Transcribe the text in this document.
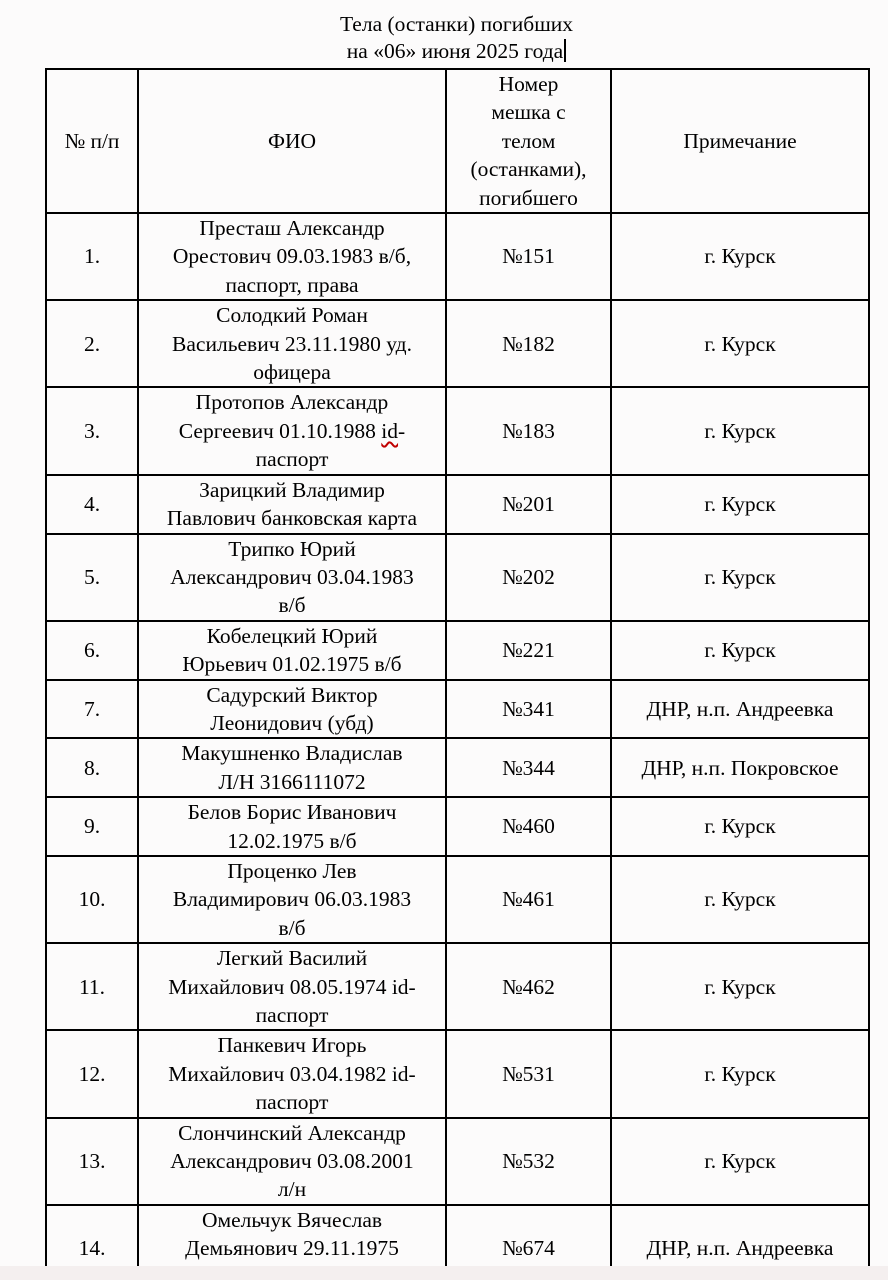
Тела (останки) погибших
на «06» июня 2025 года
№ п/п	ФИО	Номер
мешка с
телом
(останками),
погибшего	Примечание
1.	Престаш Александр
Орестович 09.03.1983 в/б,
паспорт, права	№151	г. Курск
2.	Солодкий Роман
Васильевич 23.11.1980 уд.
офицера	№182	г. Курск
3.	Протопов Александр
Сергеевич 01.10.1988 id-
паспорт	№183	г. Курск
4.	Зарицкий Владимир
Павлович банковская карта	№201	г. Курск
5.	Трипко Юрий
Александрович 03.04.1983
в/б	№202	г. Курск
6.	Кобелецкий Юрий
Юрьевич 01.02.1975 в/б	№221	г. Курск
7.	Садурский Виктор
Леонидович (убд)	№341	ДНР, н.п. Андреевка
8.	Макушненко Владислав
Л/Н 3166111072	№344	ДНР, н.п. Покровское
9.	Белов Борис Иванович
12.02.1975 в/б	№460	г. Курск
10.	Проценко Лев
Владимирович 06.03.1983
в/б	№461	г. Курск
11.	Легкий Василий
Михайлович 08.05.1974 id-
паспорт	№462	г. Курск
12.	Панкевич Игорь
Михайлович 03.04.1982 id-
паспорт	№531	г. Курск
13.	Слончинский Александр
Александрович 03.08.2001
л/н	№532	г. Курск
14.	Омельчук Вячеслав
Демьянович 29.11.1975	№674	ДНР, н.п. Андреевка
